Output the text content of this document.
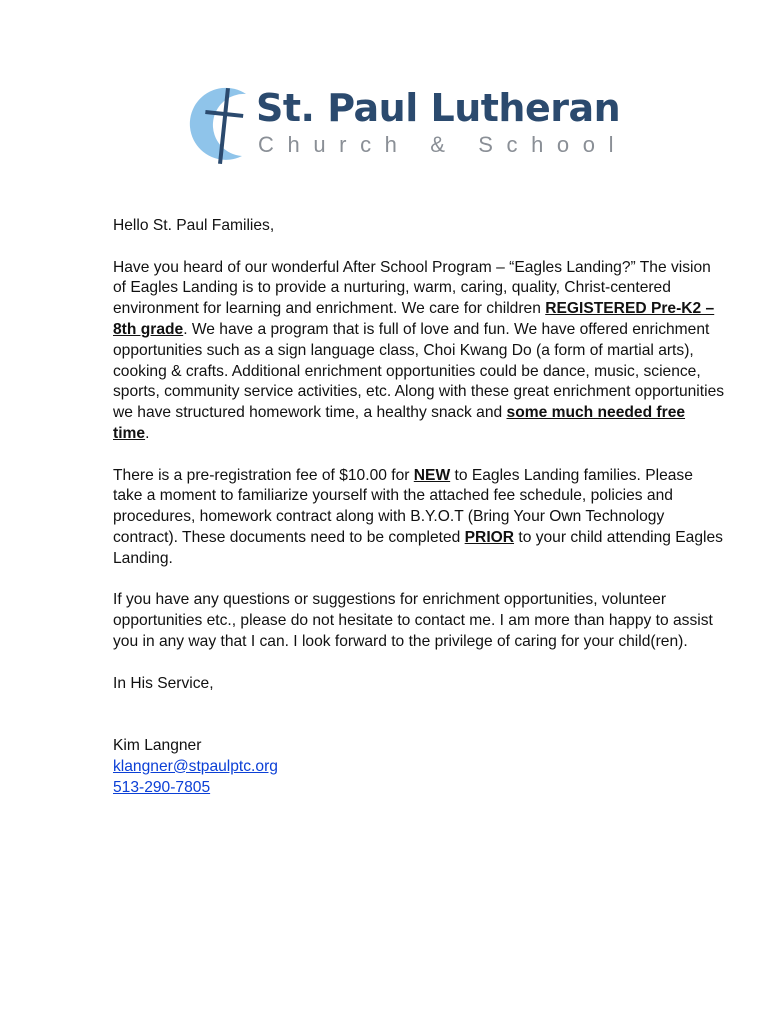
St. Paul Lutheran
Church & School

Hello St. Paul Families,

Have you heard of our wonderful After School Program – “Eagles Landing?” The vision of Eagles Landing is to provide a nurturing, warm, caring, quality, Christ-centered environment for learning and enrichment. We care for children REGISTERED Pre-K2 – 8th grade. We have a program that is full of love and fun. We have offered enrichment opportunities such as a sign language class, Choi Kwang Do (a form of martial arts), cooking & crafts. Additional enrichment opportunities could be dance, music, science, sports, community service activities, etc. Along with these great enrichment opportunities we have structured homework time, a healthy snack and some much needed free time.

There is a pre-registration fee of $10.00 for NEW to Eagles Landing families. Please take a moment to familiarize yourself with the attached fee schedule, policies and procedures, homework contract along with B.Y.O.T (Bring Your Own Technology contract). These documents need to be completed PRIOR to your child attending Eagles Landing.

If you have any questions or suggestions for enrichment opportunities, volunteer opportunities etc., please do not hesitate to contact me. I am more than happy to assist you in any way that I can. I look forward to the privilege of caring for your child(ren).

In His Service,

Kim Langner

klangner@stpaulptc.org

513-290-7805
